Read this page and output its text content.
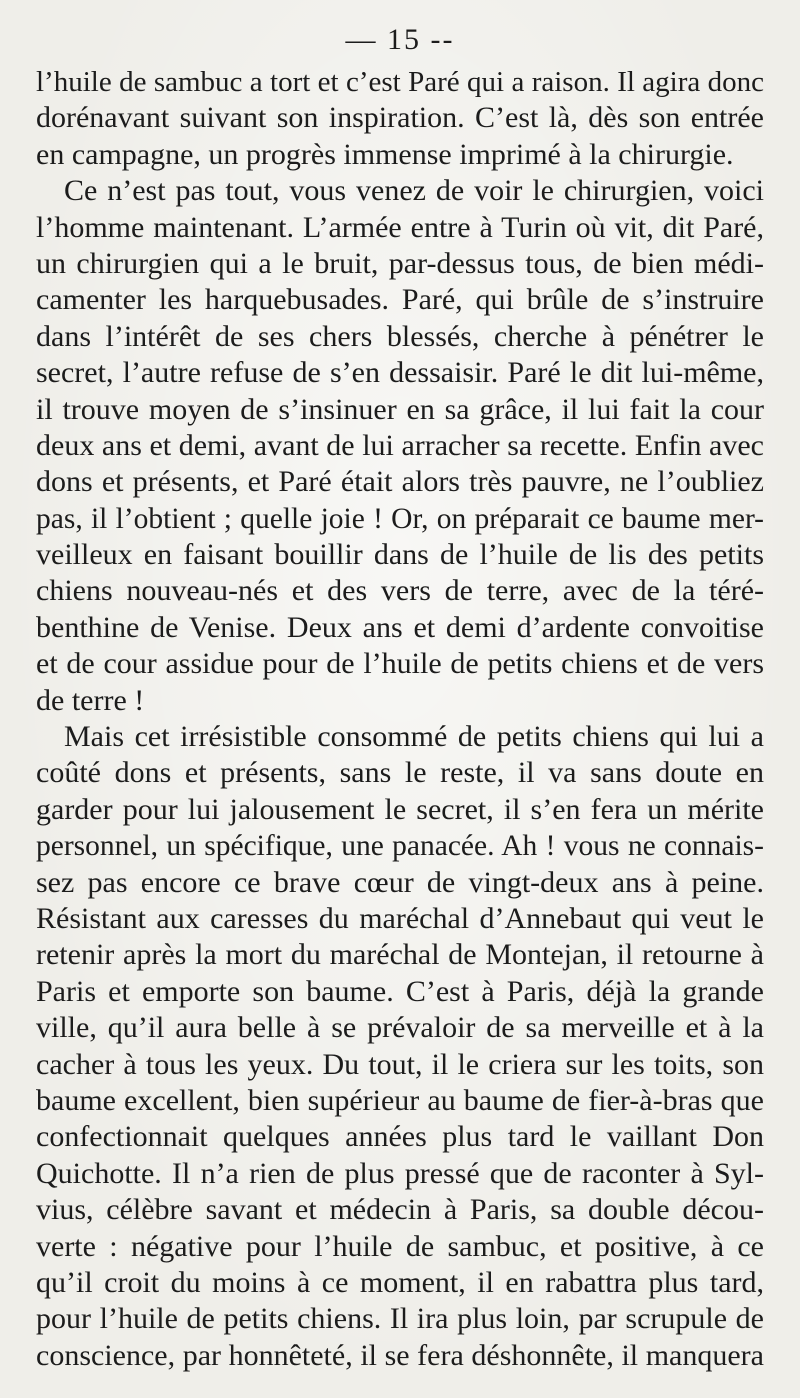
— 15 --
l’huile de sambuc a tort et c’est Paré qui a raison. Il agira donc
dorénavant suivant son inspiration. C’est là, dès son entrée
en campagne, un progrès immense imprimé à la chirurgie.
Ce n’est pas tout, vous venez de voir le chirurgien, voici
l’homme maintenant. L’armée entre à Turin où vit, dit Paré,
un chirurgien qui a le bruit, par-dessus tous, de bien médi-
camenter les harquebusades. Paré, qui brûle de s’instruire
dans l’intérêt de ses chers blessés, cherche à pénétrer le
secret, l’autre refuse de s’en dessaisir. Paré le dit lui-même,
il trouve moyen de s’insinuer en sa grâce, il lui fait la cour
deux ans et demi, avant de lui arracher sa recette. Enfin avec
dons et présents, et Paré était alors très pauvre, ne l’oubliez
pas, il l’obtient ; quelle joie ! Or, on préparait ce baume mer-
veilleux en faisant bouillir dans de l’huile de lis des petits
chiens nouveau-nés et des vers de terre, avec de la téré-
benthine de Venise. Deux ans et demi d’ardente convoitise
et de cour assidue pour de l’huile de petits chiens et de vers
de terre !
Mais cet irrésistible consommé de petits chiens qui lui a
coûté dons et présents, sans le reste, il va sans doute en
garder pour lui jalousement le secret, il s’en fera un mérite
personnel, un spécifique, une panacée. Ah ! vous ne connais-
sez pas encore ce brave cœur de vingt-deux ans à peine.
Résistant aux caresses du maréchal d’Annebaut qui veut le
retenir après la mort du maréchal de Montejan, il retourne à
Paris et emporte son baume. C’est à Paris, déjà la grande
ville, qu’il aura belle à se prévaloir de sa merveille et à la
cacher à tous les yeux. Du tout, il le criera sur les toits, son
baume excellent, bien supérieur au baume de fier-à-bras que
confectionnait quelques années plus tard le vaillant Don
Quichotte. Il n’a rien de plus pressé que de raconter à Syl-
vius, célèbre savant et médecin à Paris, sa double décou-
verte : négative pour l’huile de sambuc, et positive, à ce
qu’il croit du moins à ce moment, il en rabattra plus tard,
pour l’huile de petits chiens. Il ira plus loin, par scrupule de
conscience, par honnêteté, il se fera déshonnête, il manquera
